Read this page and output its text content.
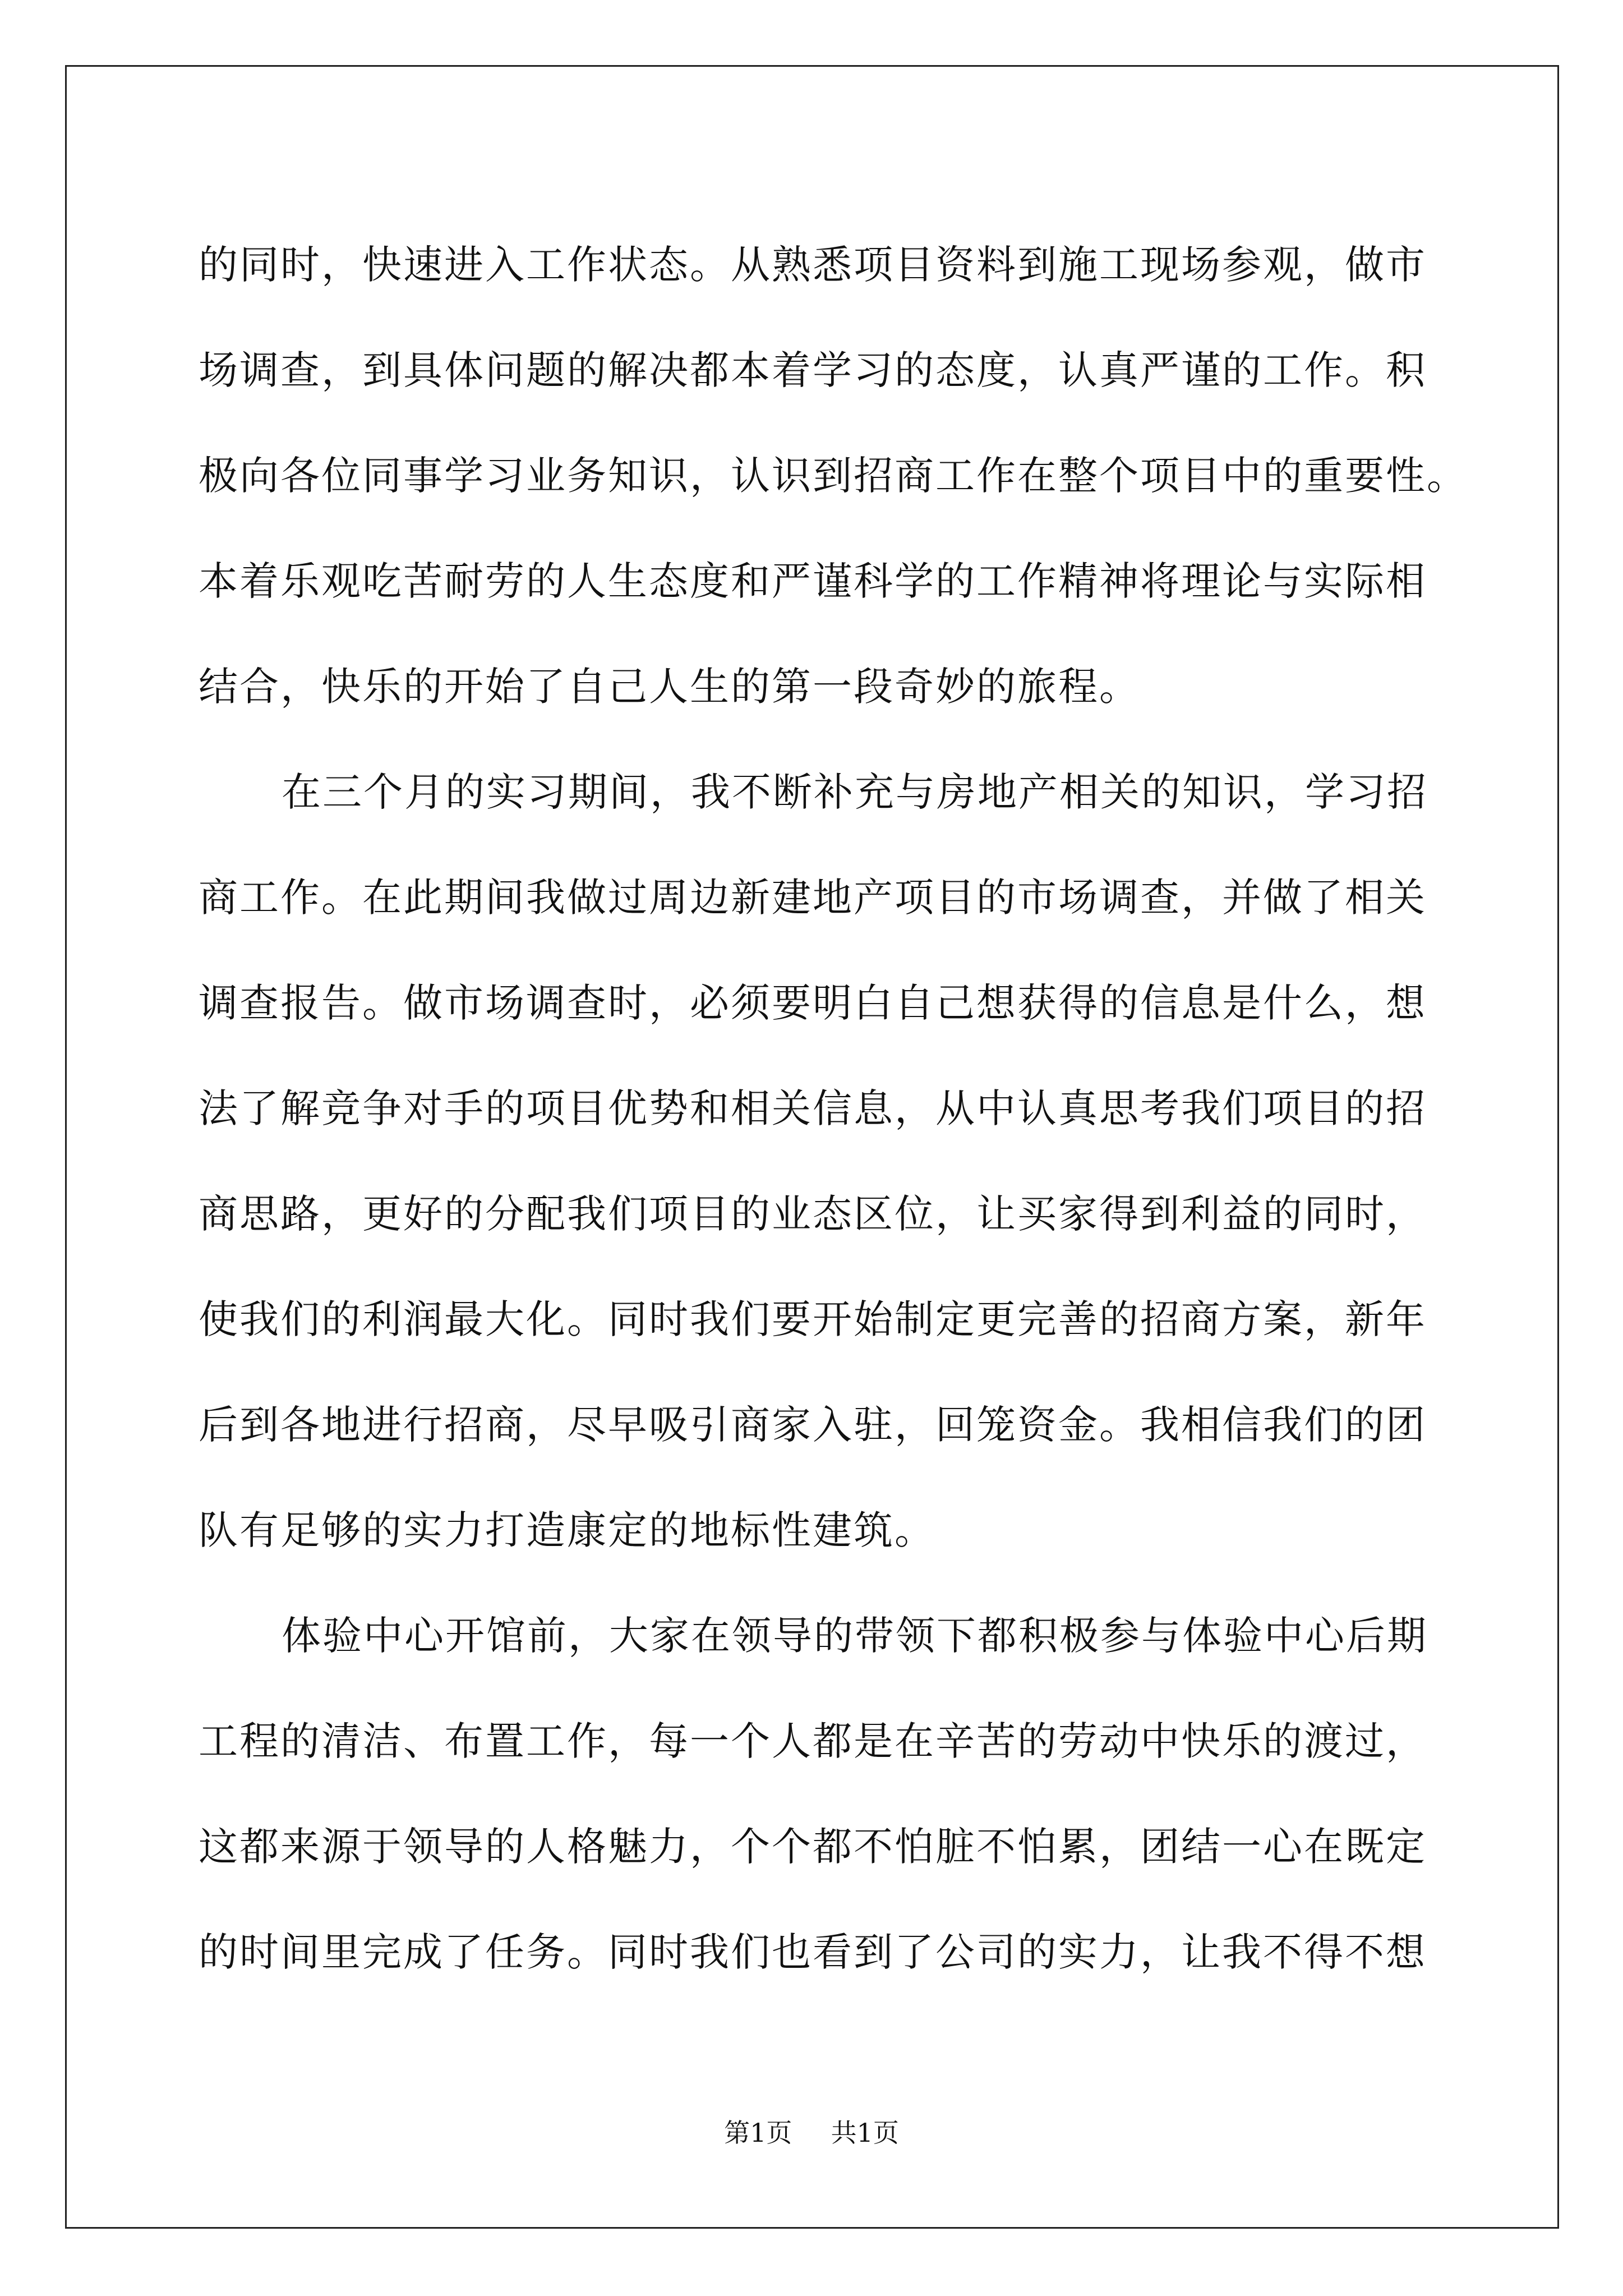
的同时，快速进入工作状态。从熟悉项目资料到施工现场参观，做市
场调查，到具体问题的解决都本着学习的态度，认真严谨的工作。积
极向各位同事学习业务知识，认识到招商工作在整个项目中的重要性。
本着乐观吃苦耐劳的人生态度和严谨科学的工作精神将理论与实际相
结合，快乐的开始了自己人生的第一段奇妙的旅程。
在三个月的实习期间，我不断补充与房地产相关的知识，学习招
商工作。在此期间我做过周边新建地产项目的市场调查，并做了相关
调查报告。做市场调查时，必须要明白自己想获得的信息是什么，想
法了解竞争对手的项目优势和相关信息，从中认真思考我们项目的招
商思路，更好的分配我们项目的业态区位，让买家得到利益的同时，
使我们的利润最大化。同时我们要开始制定更完善的招商方案，新年
后到各地进行招商，尽早吸引商家入驻，回笼资金。我相信我们的团
队有足够的实力打造康定的地标性建筑。
体验中心开馆前，大家在领导的带领下都积极参与体验中心后期
工程的清洁、布置工作，每一个人都是在辛苦的劳动中快乐的渡过，
这都来源于领导的人格魅力，个个都不怕脏不怕累，团结一心在既定
的时间里完成了任务。同时我们也看到了公司的实力，让我不得不想
第1页 共1页
